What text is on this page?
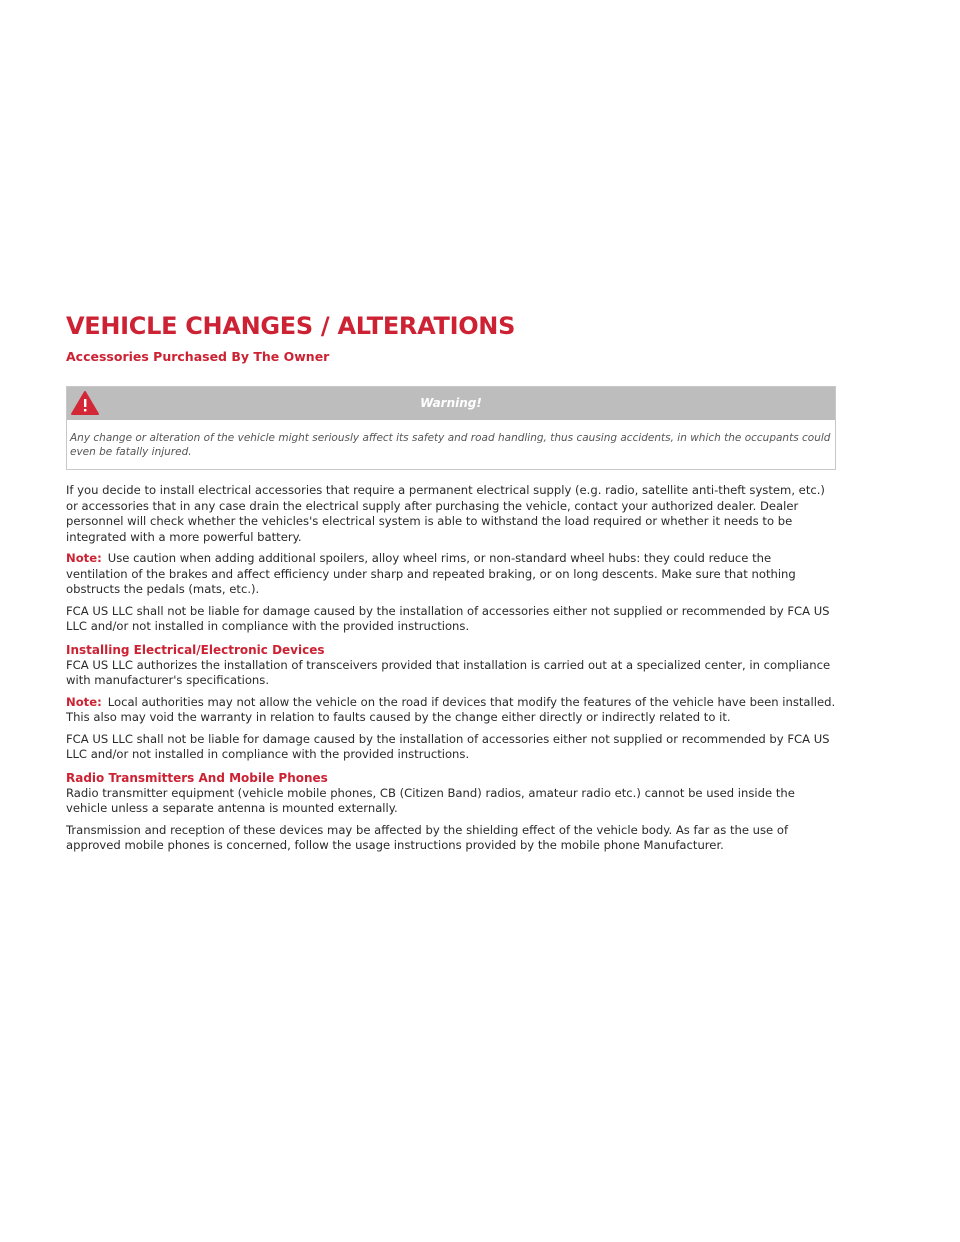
VEHICLE CHANGES / ALTERATIONS
Accessories Purchased By The Owner
Warning!
Any change or alteration of the vehicle might seriously affect its safety and road handling, thus causing accidents, in which the occupants could even be fatally injured.

If you decide to install electrical accessories that require a permanent electrical supply (e.g. radio, satellite anti-theft system, etc.) or accessories that in any case drain the electrical supply after purchasing the vehicle, contact your authorized dealer. Dealer personnel will check whether the vehicles's electrical system is able to withstand the load required or whether it needs to be integrated with a more powerful battery.

Note: Use caution when adding additional spoilers, alloy wheel rims, or non-standard wheel hubs: they could reduce the ventilation of the brakes and affect efficiency under sharp and repeated braking, or on long descents. Make sure that nothing obstructs the pedals (mats, etc.).

FCA US LLC shall not be liable for damage caused by the installation of accessories either not supplied or recommended by FCA US LLC and/or not installed in compliance with the provided instructions.

Installing Electrical/Electronic Devices

FCA US LLC authorizes the installation of transceivers provided that installation is carried out at a specialized center, in compliance with manufacturer's specifications.

Note: Local authorities may not allow the vehicle on the road if devices that modify the features of the vehicle have been installed. This also may void the warranty in relation to faults caused by the change either directly or indirectly related to it.

FCA US LLC shall not be liable for damage caused by the installation of accessories either not supplied or recommended by FCA US LLC and/or not installed in compliance with the provided instructions.

Radio Transmitters And Mobile Phones

Radio transmitter equipment (vehicle mobile phones, CB (Citizen Band) radios, amateur radio etc.) cannot be used inside the vehicle unless a separate antenna is mounted externally.

Transmission and reception of these devices may be affected by the shielding effect of the vehicle body. As far as the use of approved mobile phones is concerned, follow the usage instructions provided by the mobile phone Manufacturer.
